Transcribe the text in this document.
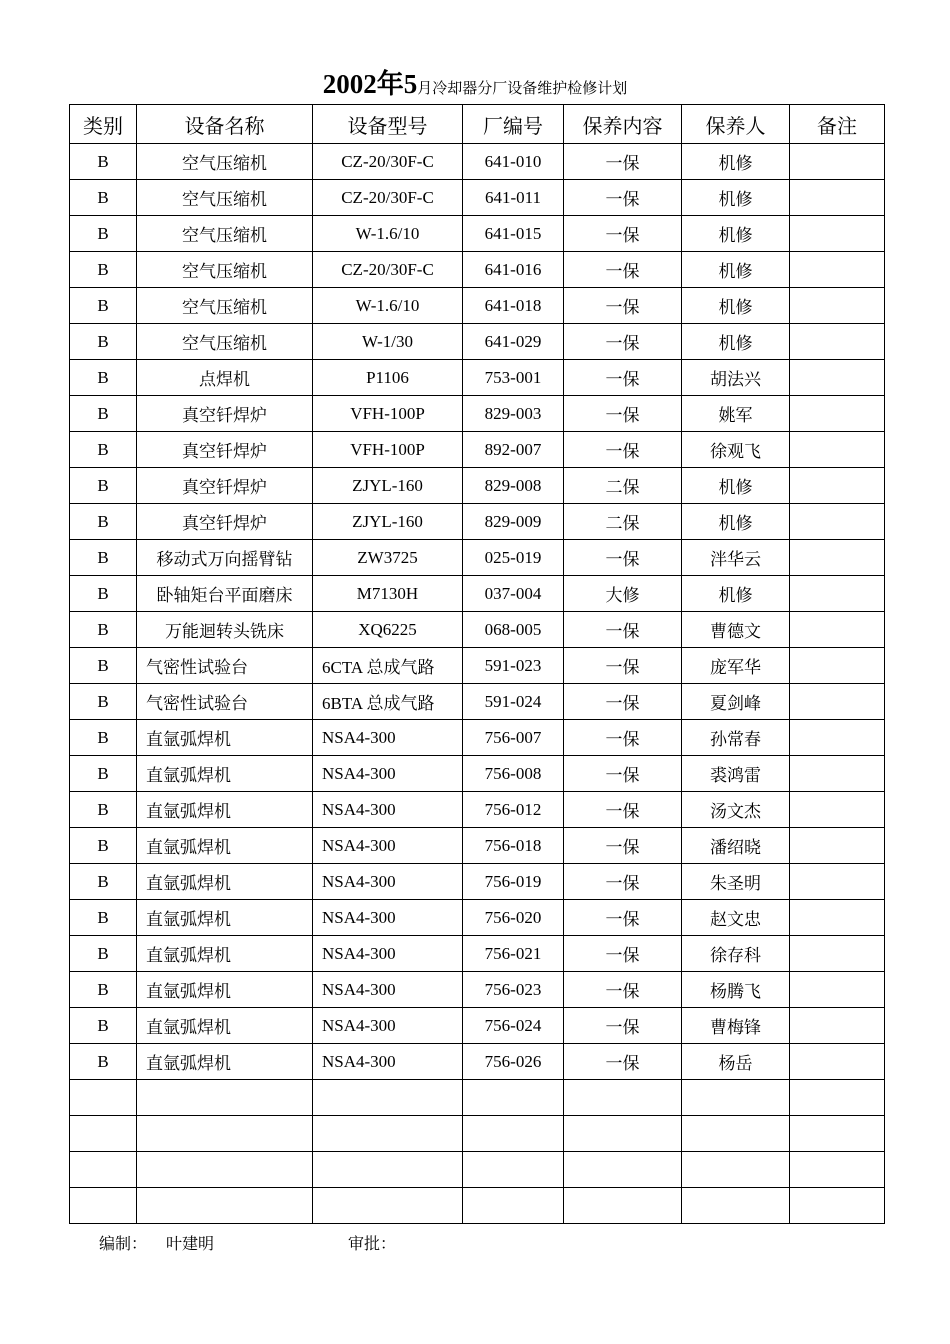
2002年5月冷却器分厂设备维护检修计划
类别	设备名称	设备型号	厂编号	保养内容	保养人	备注
B	空气压缩机	CZ-20/30F-C	641-010	一保	机修	
B	空气压缩机	CZ-20/30F-C	641-011	一保	机修	
B	空气压缩机	W-1.6/10	641-015	一保	机修	
B	空气压缩机	CZ-20/30F-C	641-016	一保	机修	
B	空气压缩机	W-1.6/10	641-018	一保	机修	
B	空气压缩机	W-1/30	641-029	一保	机修	
B	点焊机	P1106	753-001	一保	胡法兴	
B	真空钎焊炉	VFH-100P	829-003	一保	姚军	
B	真空钎焊炉	VFH-100P	892-007	一保	徐观飞	
B	真空钎焊炉	ZJYL-160	829-008	二保	机修	
B	真空钎焊炉	ZJYL-160	829-009	二保	机修	
B	移动式万向摇臂钻	ZW3725	025-019	一保	泮华云	
B	卧轴矩台平面磨床	M7130H	037-004	大修	机修	
B	万能迴转头铣床	XQ6225	068-005	一保	曹德文	
B	气密性试验台	6CTA 总成气路	591-023	一保	庞军华	
B	气密性试验台	6BTA 总成气路	591-024	一保	夏剑峰	
B	直氩弧焊机	NSA4-300	756-007	一保	孙常春	
B	直氩弧焊机	NSA4-300	756-008	一保	裘鸿雷	
B	直氩弧焊机	NSA4-300	756-012	一保	汤文杰	
B	直氩弧焊机	NSA4-300	756-018	一保	潘绍晓	
B	直氩弧焊机	NSA4-300	756-019	一保	朱圣明	
B	直氩弧焊机	NSA4-300	756-020	一保	赵文忠	
B	直氩弧焊机	NSA4-300	756-021	一保	徐存科	
B	直氩弧焊机	NSA4-300	756-023	一保	杨腾飞	
B	直氩弧焊机	NSA4-300	756-024	一保	曹梅锋	
B	直氩弧焊机	NSA4-300	756-026	一保	杨岳	

编制： 叶建明	审批：
